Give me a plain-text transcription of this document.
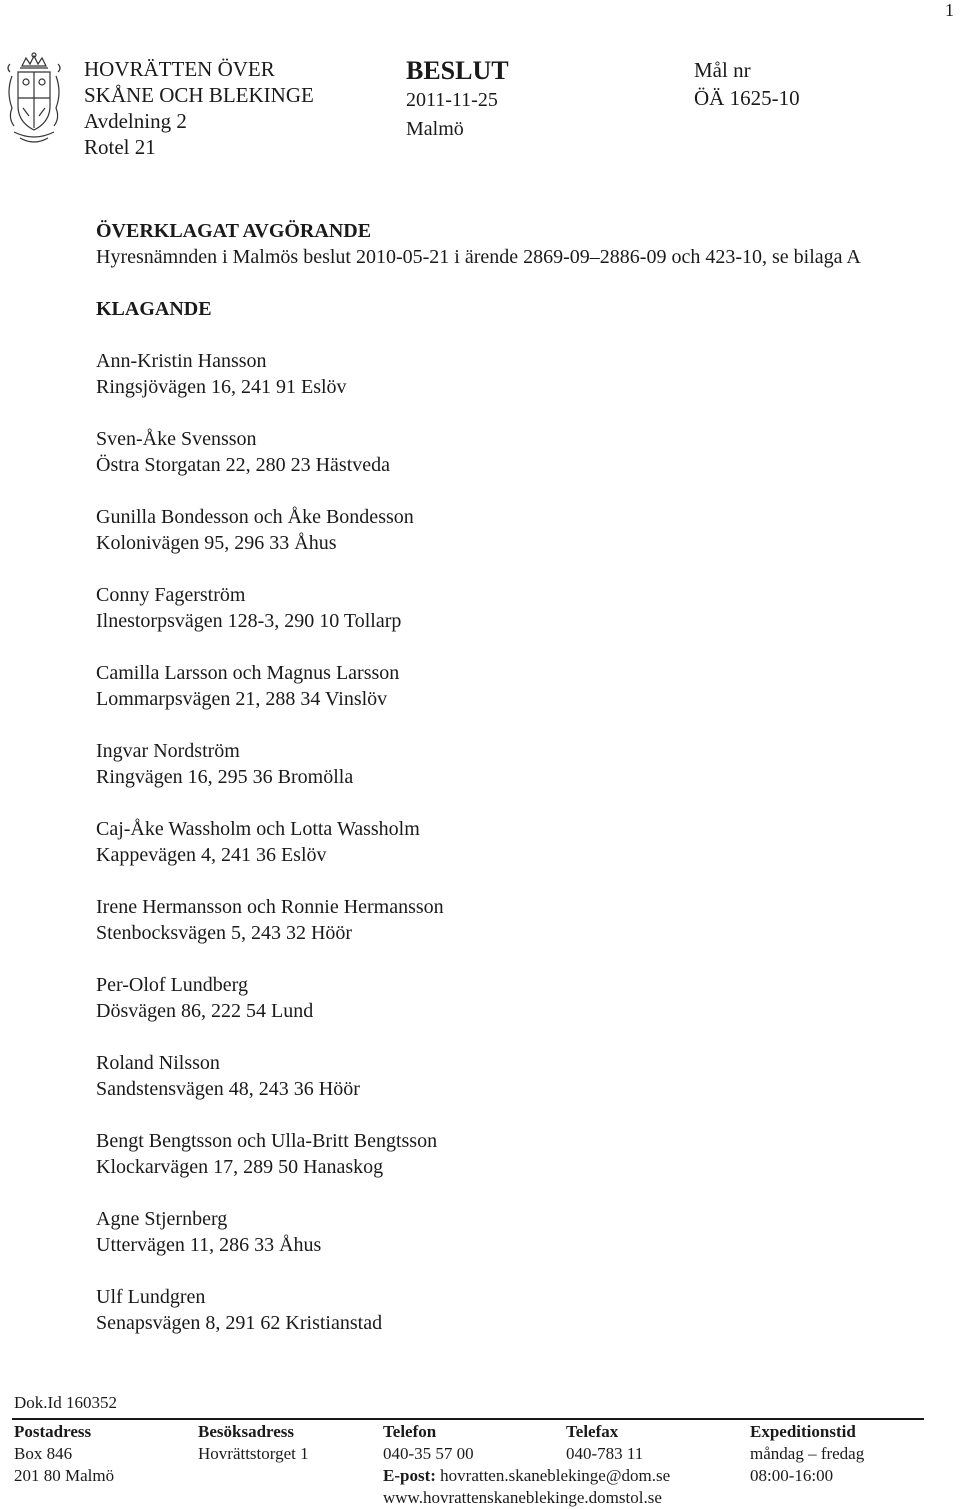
1
HOVRÄTTEN ÖVER
SKÅNE OCH BLEKINGE
Avdelning 2
Rotel 21
BESLUT
2011-11-25
Malmö
Mål nr
ÖÄ 1625-10
ÖVERKLAGAT AVGÖRANDE
Hyresnämnden i Malmös beslut 2010-05-21 i ärende 2869-09–2886-09 och 423-10, se bilaga A
KLAGANDE
Ann-Kristin Hansson
Ringsjövägen 16, 241 91 Eslöv
Sven-Åke Svensson
Östra Storgatan 22, 280 23 Hästveda
Gunilla Bondesson och Åke Bondesson
Kolonivägen 95, 296 33 Åhus
Conny Fagerström
Ilnestorpsvägen 128-3, 290 10 Tollarp
Camilla Larsson och Magnus Larsson
Lommarpsvägen 21, 288 34 Vinslöv
Ingvar Nordström
Ringvägen 16, 295 36 Bromölla
Caj-Åke Wassholm och Lotta Wassholm
Kappevägen 4, 241 36 Eslöv
Irene Hermansson och Ronnie Hermansson
Stenbocksvägen 5, 243 32 Höör
Per-Olof Lundberg
Dösvägen 86, 222 54 Lund
Roland Nilsson
Sandstensvägen 48, 243 36 Höör
Bengt Bengtsson och Ulla-Britt Bengtsson
Klockarvägen 17, 289 50 Hanaskog
Agne Stjernberg
Uttervägen 11, 286 33 Åhus
Ulf Lundgren
Senapsvägen 8, 291 62 Kristianstad
Dok.Id 160352
Postadress
Box 846
201 80 Malmö
Besöksadress
Hovrättstorget 1
Telefon
040-35 57 00
E-post: hovratten.skaneblekinge@dom.se
www.hovrattenskaneblekinge.domstol.se
Telefax
040-783 11
Expeditionstid
måndag – fredag
08:00-16:00
